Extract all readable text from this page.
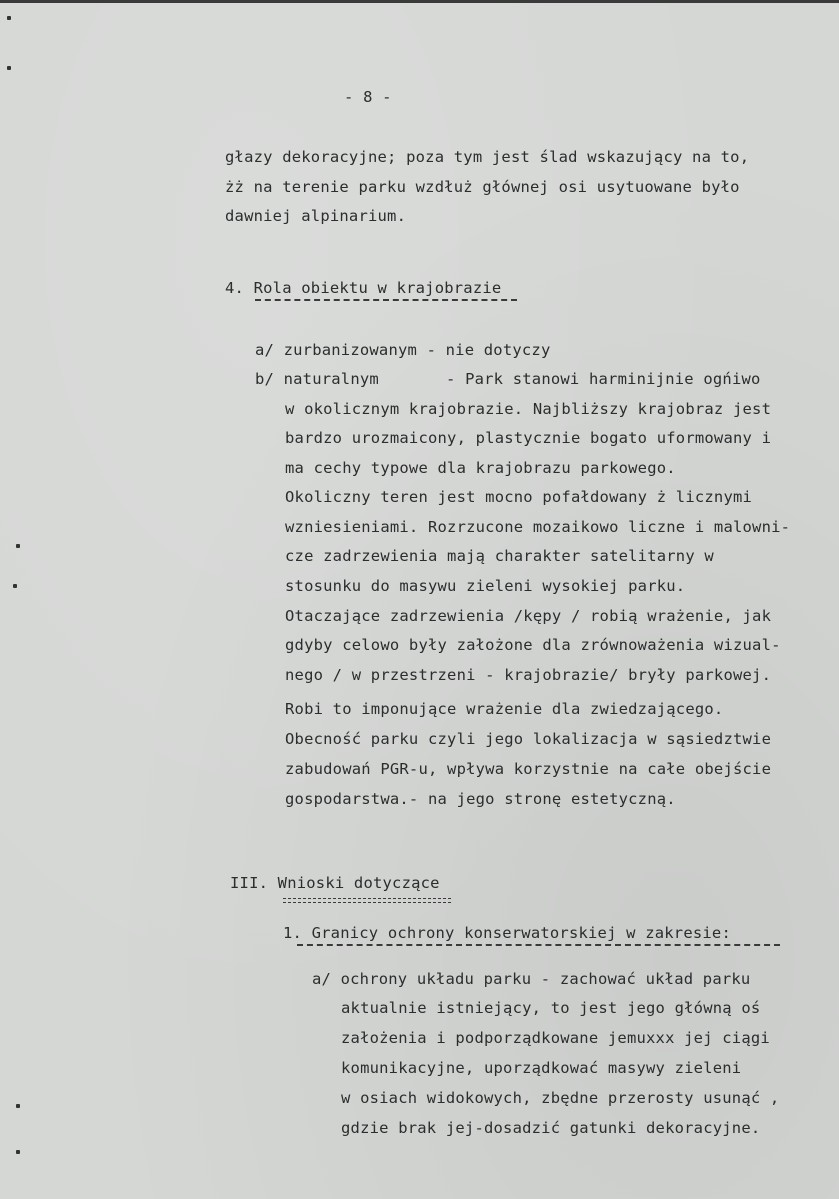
- 8 -
głazy dekoracyjne; poza tym jest ślad wskazujący na to,
żż na terenie parku wzdłuż głównej osi usytuowane było
dawniej alpinarium.
4. Rola obiektu w krajobrazie
a/ zurbanizowanym - nie dotyczy
b/ naturalnym	- Park stanowi harminijnie ogńiwo
w okolicznym krajobrazie. Najbliższy krajobraz jest
bardzo urozmaicony, plastycznie bogato uformowany i
ma cechy typowe dla krajobrazu parkowego.
Okoliczny teren jest mocno pofałdowany ż licznymi
wzniesieniami. Rozrzucone mozaikowo liczne i malowni-
cze zadrzewienia mają charakter satelitarny w
stosunku do masywu zieleni wysokiej parku.
Otaczające zadrzewienia /kępy / robią wrażenie, jak
gdyby celowo były założone dla zrównoważenia wizual-
nego / w przestrzeni - krajobrazie/ bryły parkowej.
Robi to imponujące wrażenie dla zwiedzającego.
Obecność parku czyli jego lokalizacja w sąsiedztwie
zabudowań PGR-u, wpływa korzystnie na całe obejście
gospodarstwa.- na jego stronę estetyczną.
III. Wnioski dotyczące
1. Granicy ochrony konserwatorskiej w zakresie:
a/ ochrony układu parku - zachować układ parku
aktualnie istniejący, to jest jego główną oś
założenia i podporządkowane jemuxxx jej ciągi
komunikacyjne, uporządkować masywy zieleni
w osiach widokowych, zbędne przerosty usunąć ,
gdzie brak jej-dosadzić gatunki dekoracyjne.
